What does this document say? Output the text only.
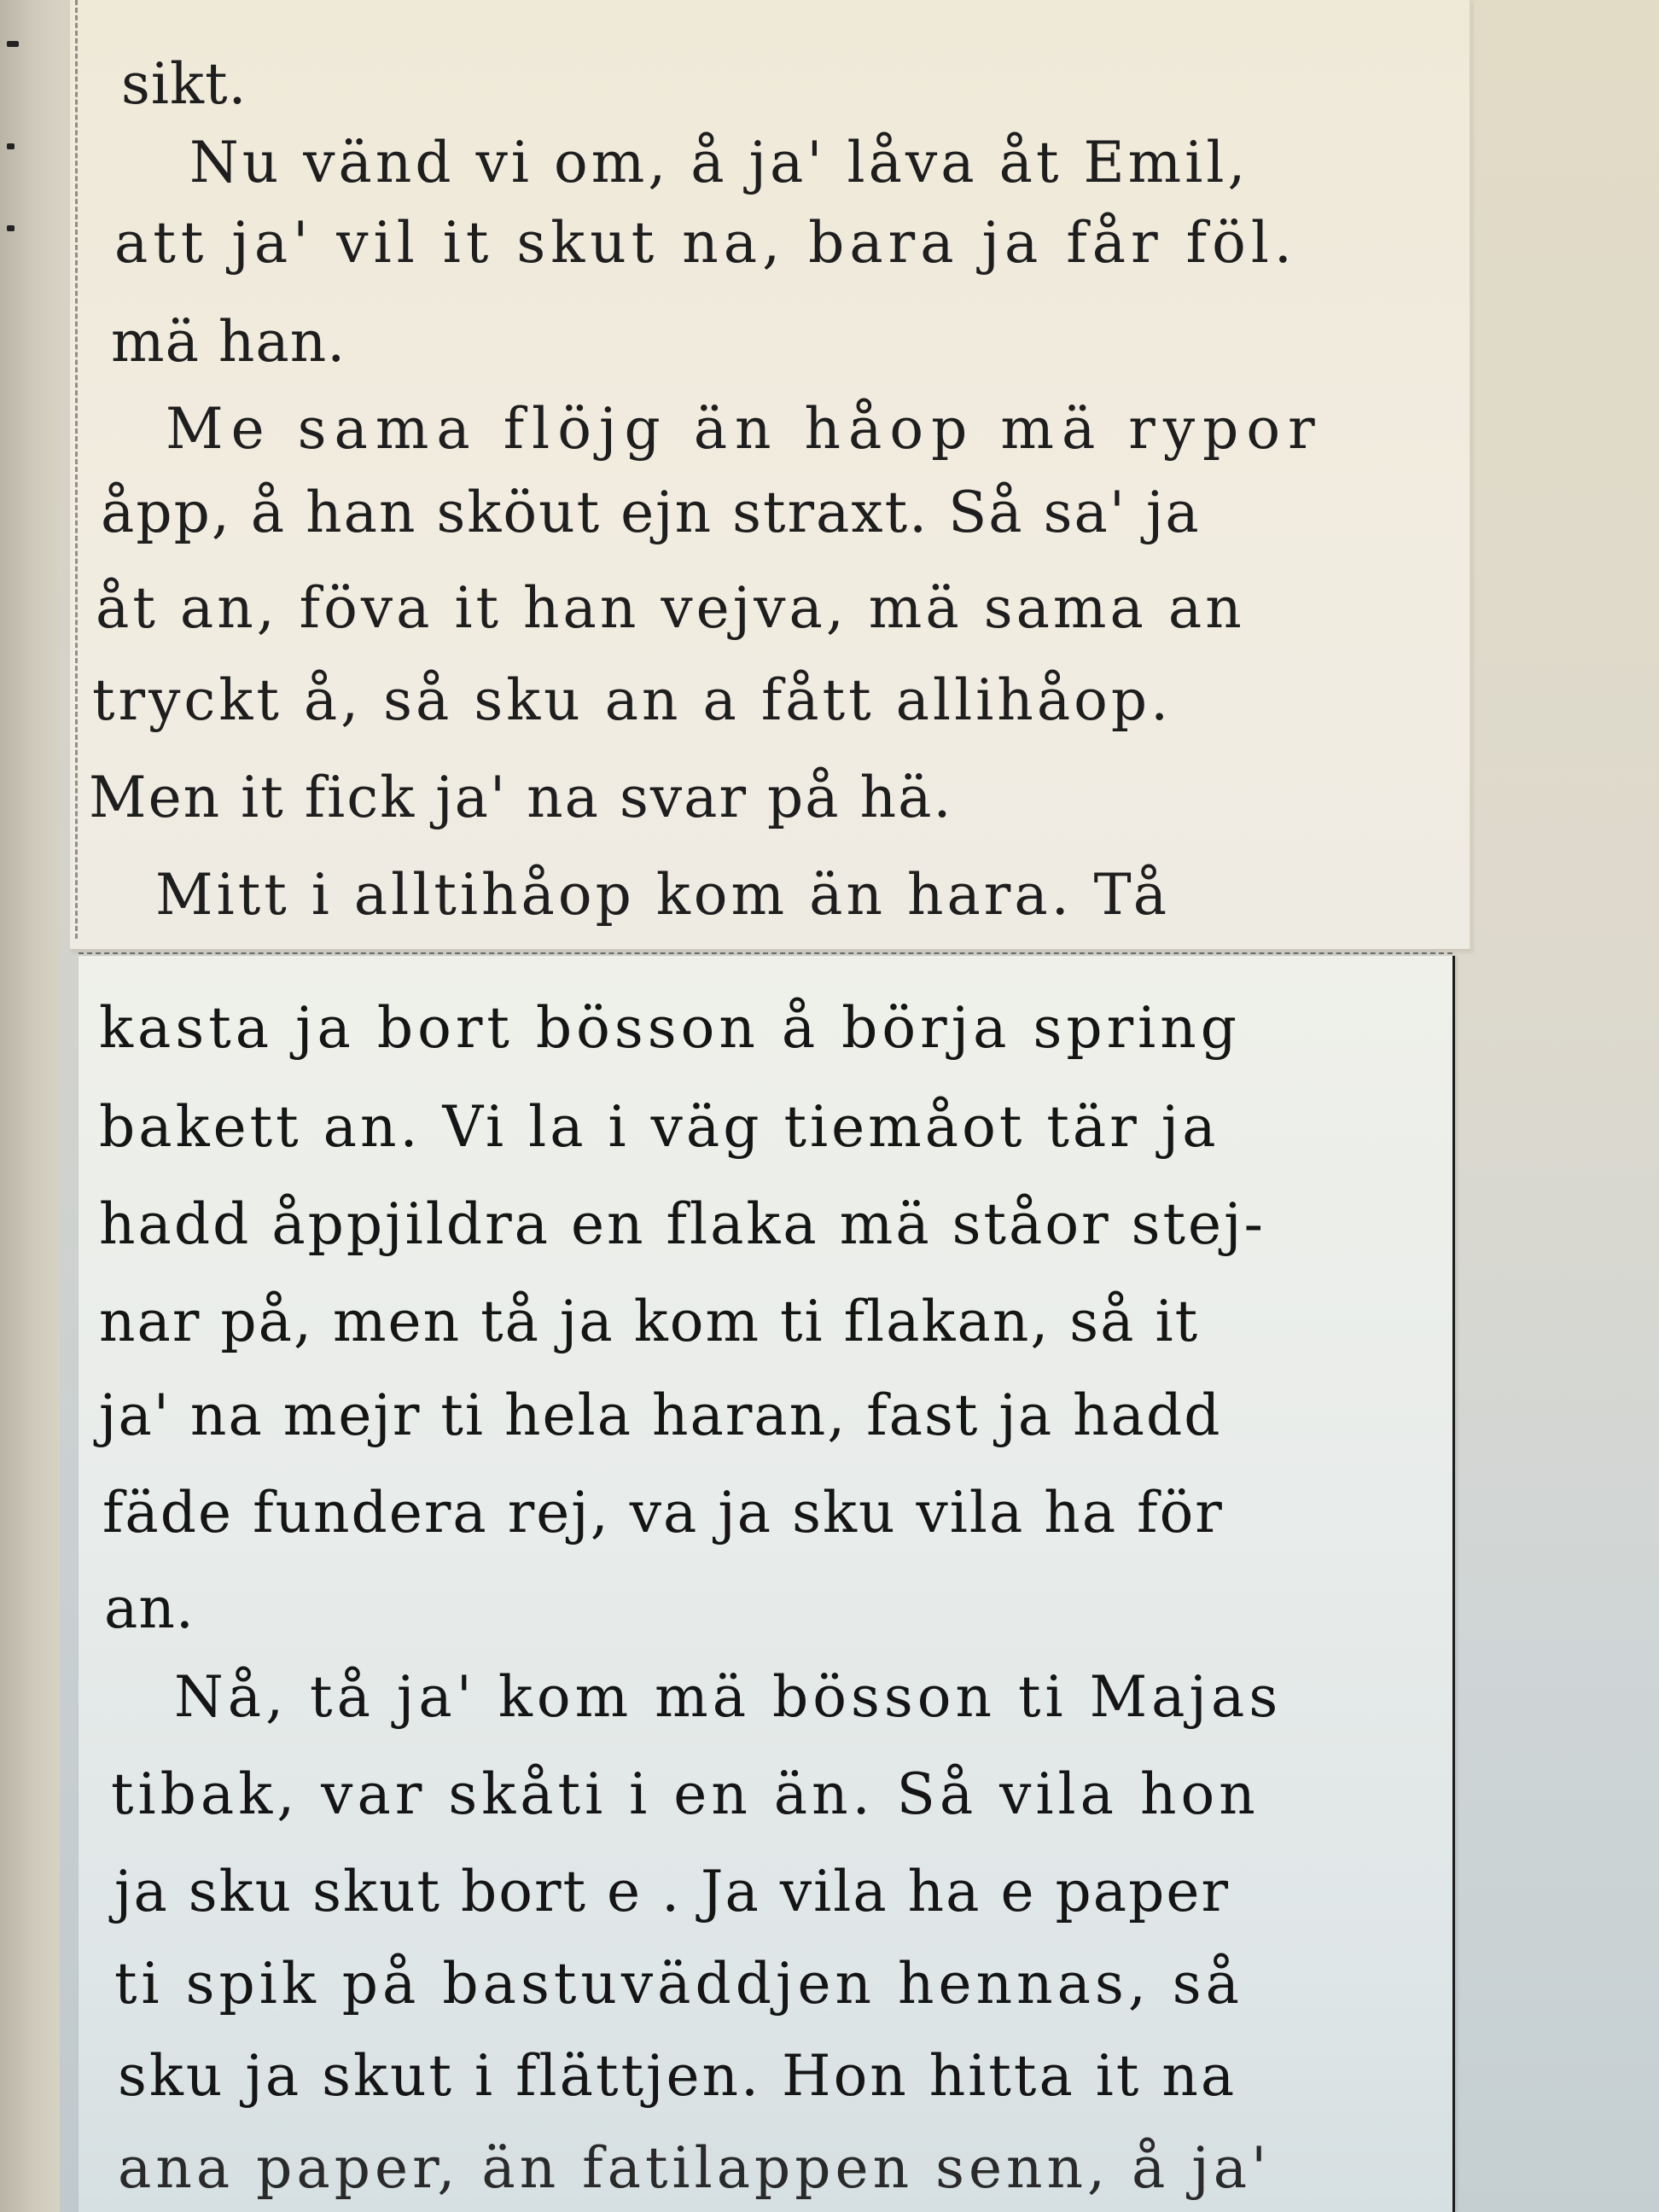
sikt.
Nu vänd vi om, å ja' låva åt Emil,
att ja' vil it skut na, bara ja får föl.
mä han.
Me sama flöjg än håop mä rypor
åpp, å han sköut ejn straxt. Så sa' ja
åt an, föva it han vejva, mä sama an
tryckt å, så sku an a fått allihåop.
Men it fick ja' na svar på hä.
Mitt i alltihåop kom än hara. Tå
kasta ja bort bösson å börja spring
bakett an. Vi la i väg tiemåot tär ja
hadd åppjildra en flaka mä ståor stej-
nar på, men tå ja kom ti flakan, så it
ja' na mejr ti hela haran, fast ja hadd
fäde fundera rej, va ja sku vila ha för
an.
Nå, tå ja' kom mä bösson ti Majas
tibak, var skåti i en än. Så vila hon
ja sku skut bort e . Ja vila ha e paper
ti spik på bastuväddjen hennas, så
sku ja skut i flättjen. Hon hitta it na
ana paper, än fatilappen senn, å ja'
